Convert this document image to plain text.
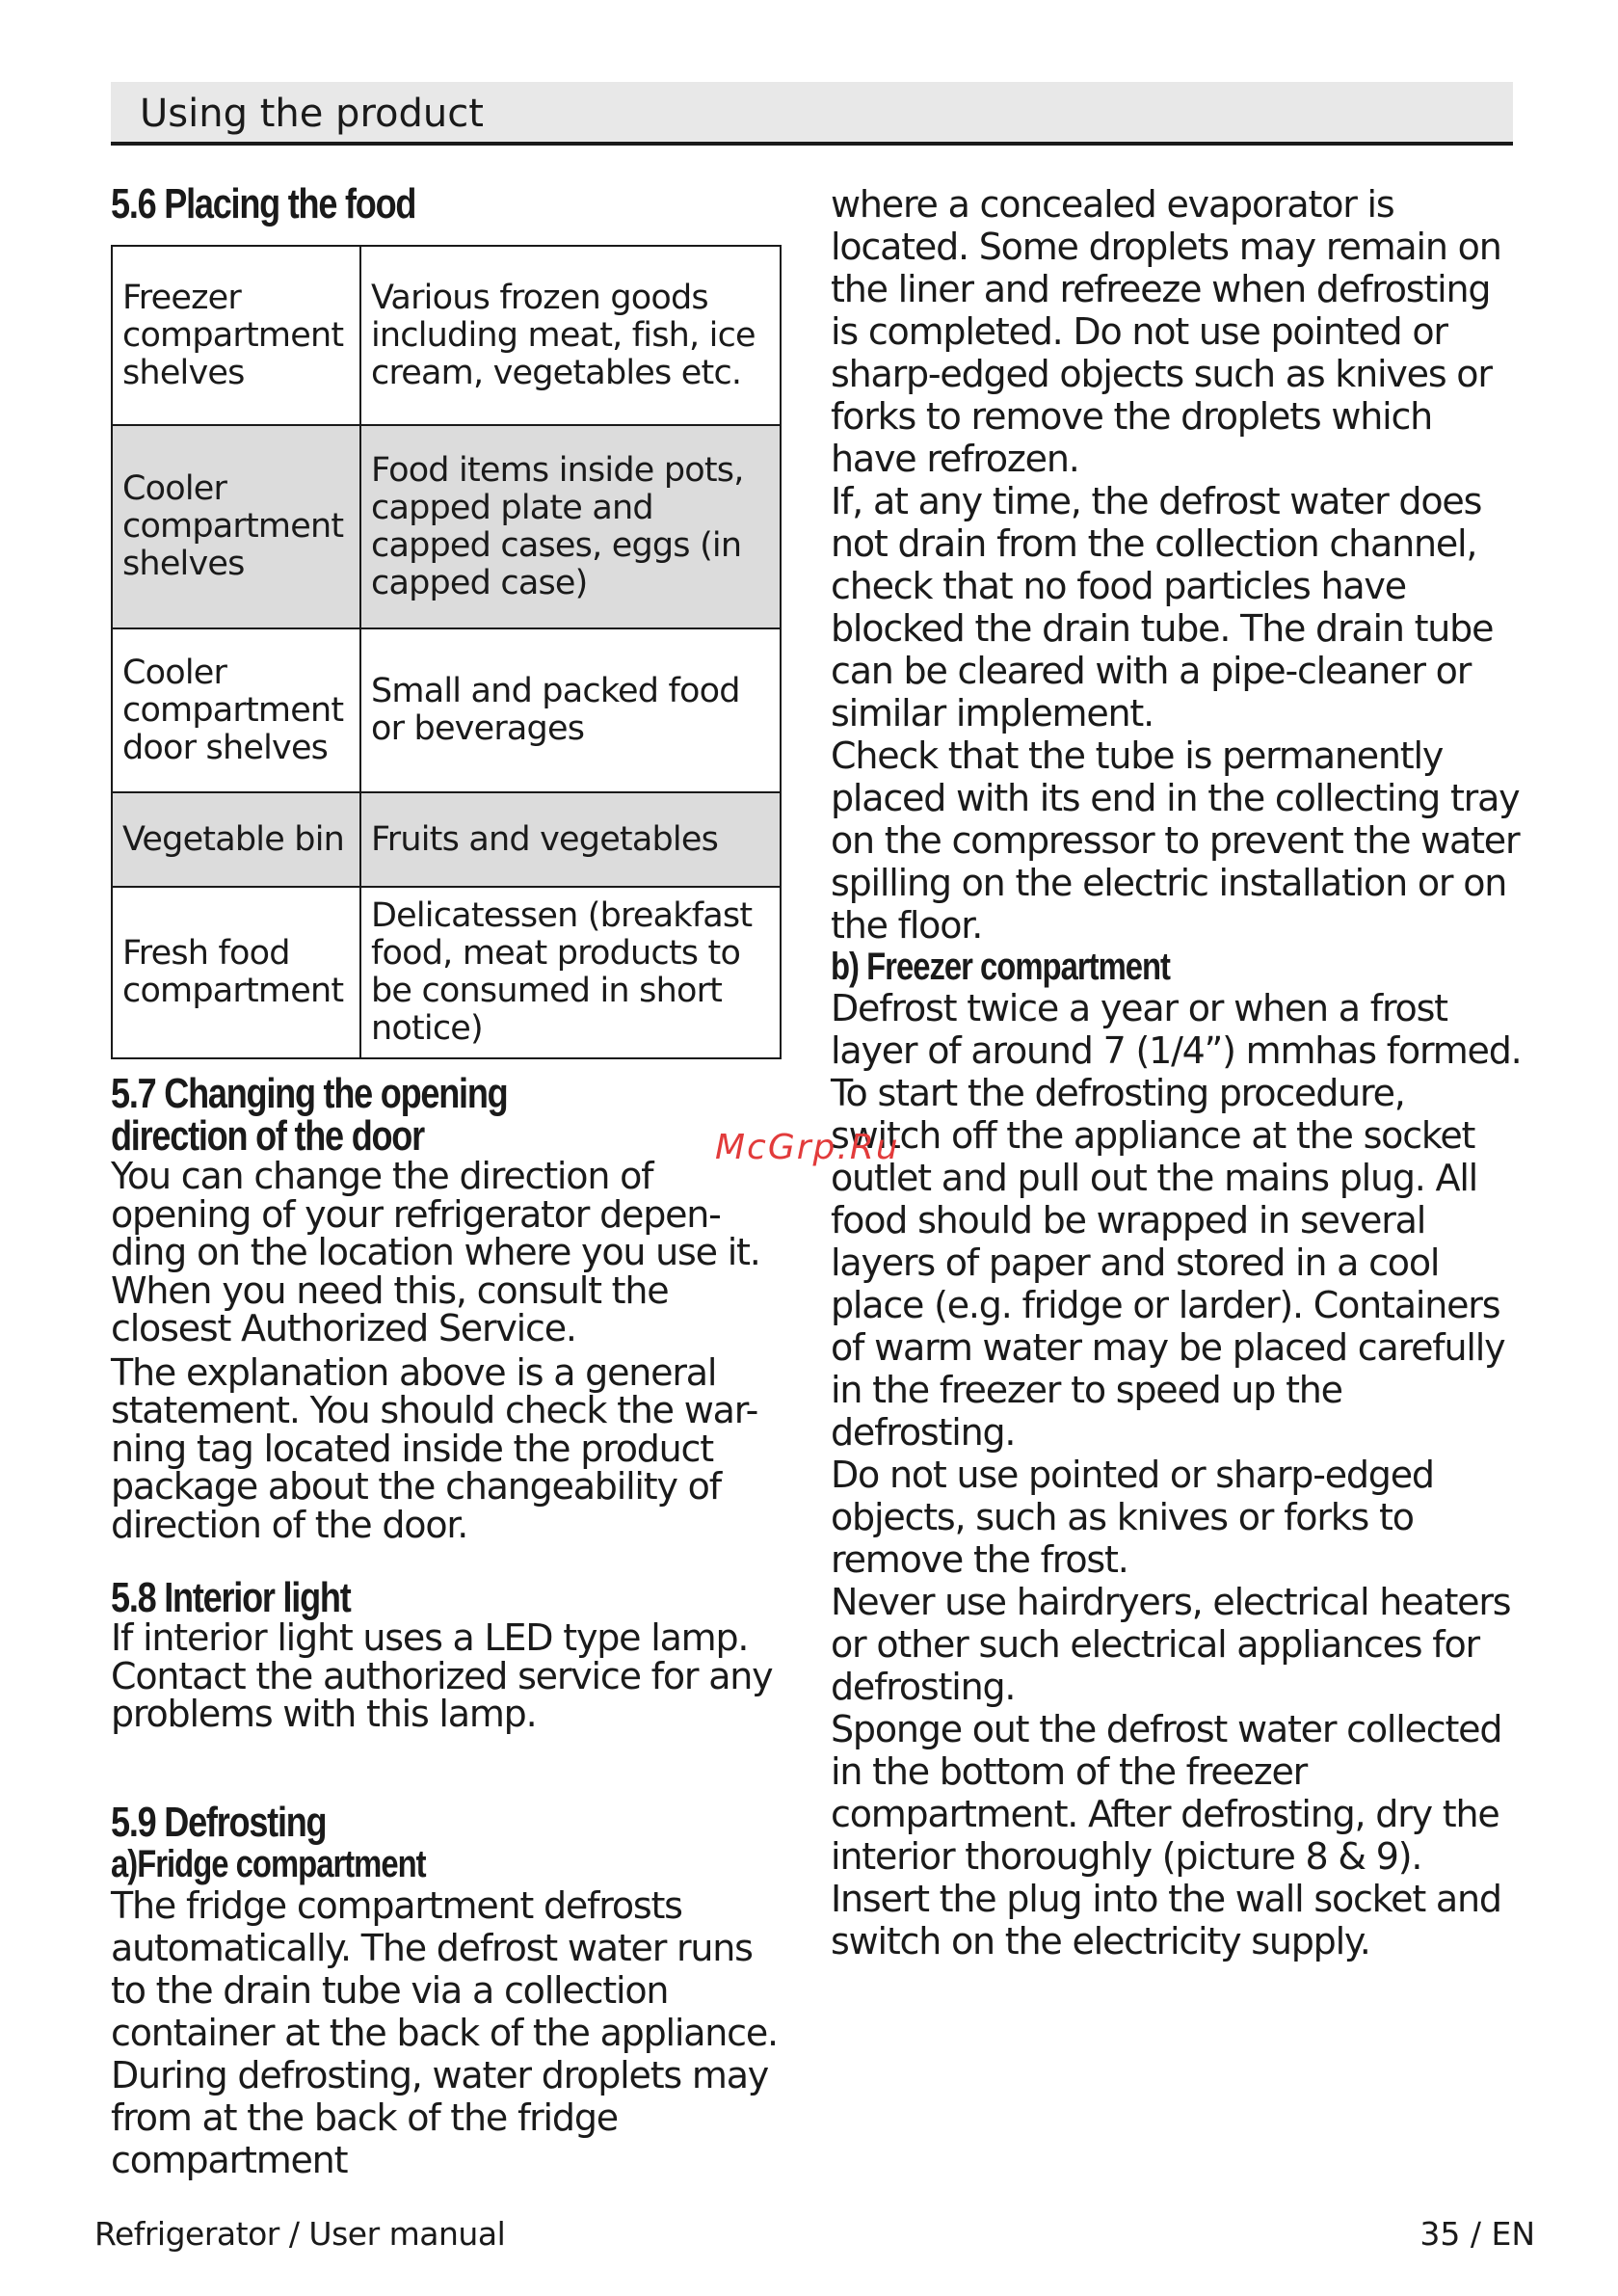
Using the product
5.6 Placing the food
Freezer compartment shelves	Various frozen goods including meat, fish, ice cream, vegetables etc.
Cooler compartment shelves	Food items inside pots, capped plate and capped cases, eggs (in capped case)
Cooler compartment door shelves	Small and packed food or beverages
Vegetable bin	Fruits and vegetables
Fresh food compartment	Delicatessen (breakfast food, meat products to be consumed in short notice)
5.7 Changing the opening
direction of the door

You can change the direction of opening of your refrigerator depen-ding on the location where you use it. When you need this, consult the closest Authorized Service.

The explanation above is a general statement. You should check the war-ning tag located inside the product package about the changeability of direction of the door.

5.8 Interior light

If interior light uses a LED type lamp. Contact the authorized service for any problems with this lamp.

5.9 Defrosting
a)Fridge compartment

The fridge compartment defrosts automatically. The defrost water runs to the drain tube via a collection container at the back of the appliance. During defrosting, water droplets may from at the back of the fridge compartment

where a concealed evaporator is located. Some droplets may remain on the liner and refreeze when defrosting is completed. Do not use pointed or sharp-edged objects such as knives or forks to remove the droplets which have refrozen.

If, at any time, the defrost water does not drain from the collection channel, check that no food particles have blocked the drain tube. The drain tube can be cleared with a pipe-cleaner or similar implement.

Check that the tube is permanently placed with its end in the collecting tray on the compressor to prevent the water spilling on the electric installation or on the floor.

b) Freezer compartment

Defrost twice a year or when a frost layer of around 7 (1/4”) mmhas formed. To start the defrosting procedure, switch off the appliance at the socket outlet and pull out the mains plug. All food should be wrapped in several layers of paper and stored in a cool place (e.g. fridge or larder). Containers of warm water may be placed carefully in the freezer to speed up the defrosting.

Do not use pointed or sharp-edged objects, such as knives or forks to remove the frost.

Never use hairdryers, electrical heaters or other such electrical appliances for defrosting.

Sponge out the defrost water collected in the bottom of the freezer compartment. After defrosting, dry the interior thoroughly (picture 8 & 9). Insert the plug into the wall socket and switch on the electricity supply.

McGrp.Ru
Refrigerator / User manual	35 / EN
